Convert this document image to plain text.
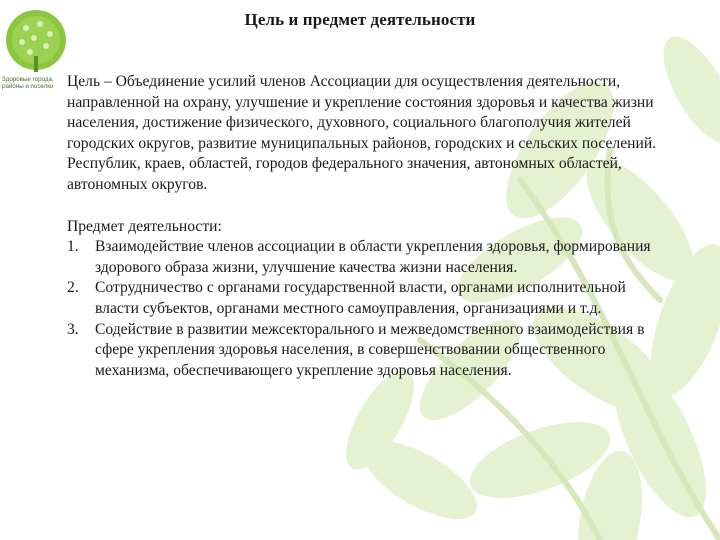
Здоровые города,
районы и поселки
Цель и предмет деятельности

Цель – Объединение усилий членов Ассоциации для осуществления деятельности, направленной на охрану, улучшение и укрепление состояния здоровья и качества жизни населения, достижение физического, духовного, социального благополучия жителей городских округов, развитие муниципальных районов, городских и сельских поселений. Республик, краев, областей, городов федерального значения, автономных областей, автономных округов.

Предмет деятельности:

1. Взаимодействие членов ассоциации в области укрепления здоровья, формирования здорового образа жизни, улучшение качества жизни населения.
2. Сотрудничество с органами государственной власти, органами исполнительной власти субъектов, органами местного самоуправления, организациями и т.д.
3. Содействие в развитии межсекторального и межведомственного взаимодействия в сфере укрепления здоровья населения, в совершенствовании общественного механизма, обеспечивающего укрепление здоровья населения.
